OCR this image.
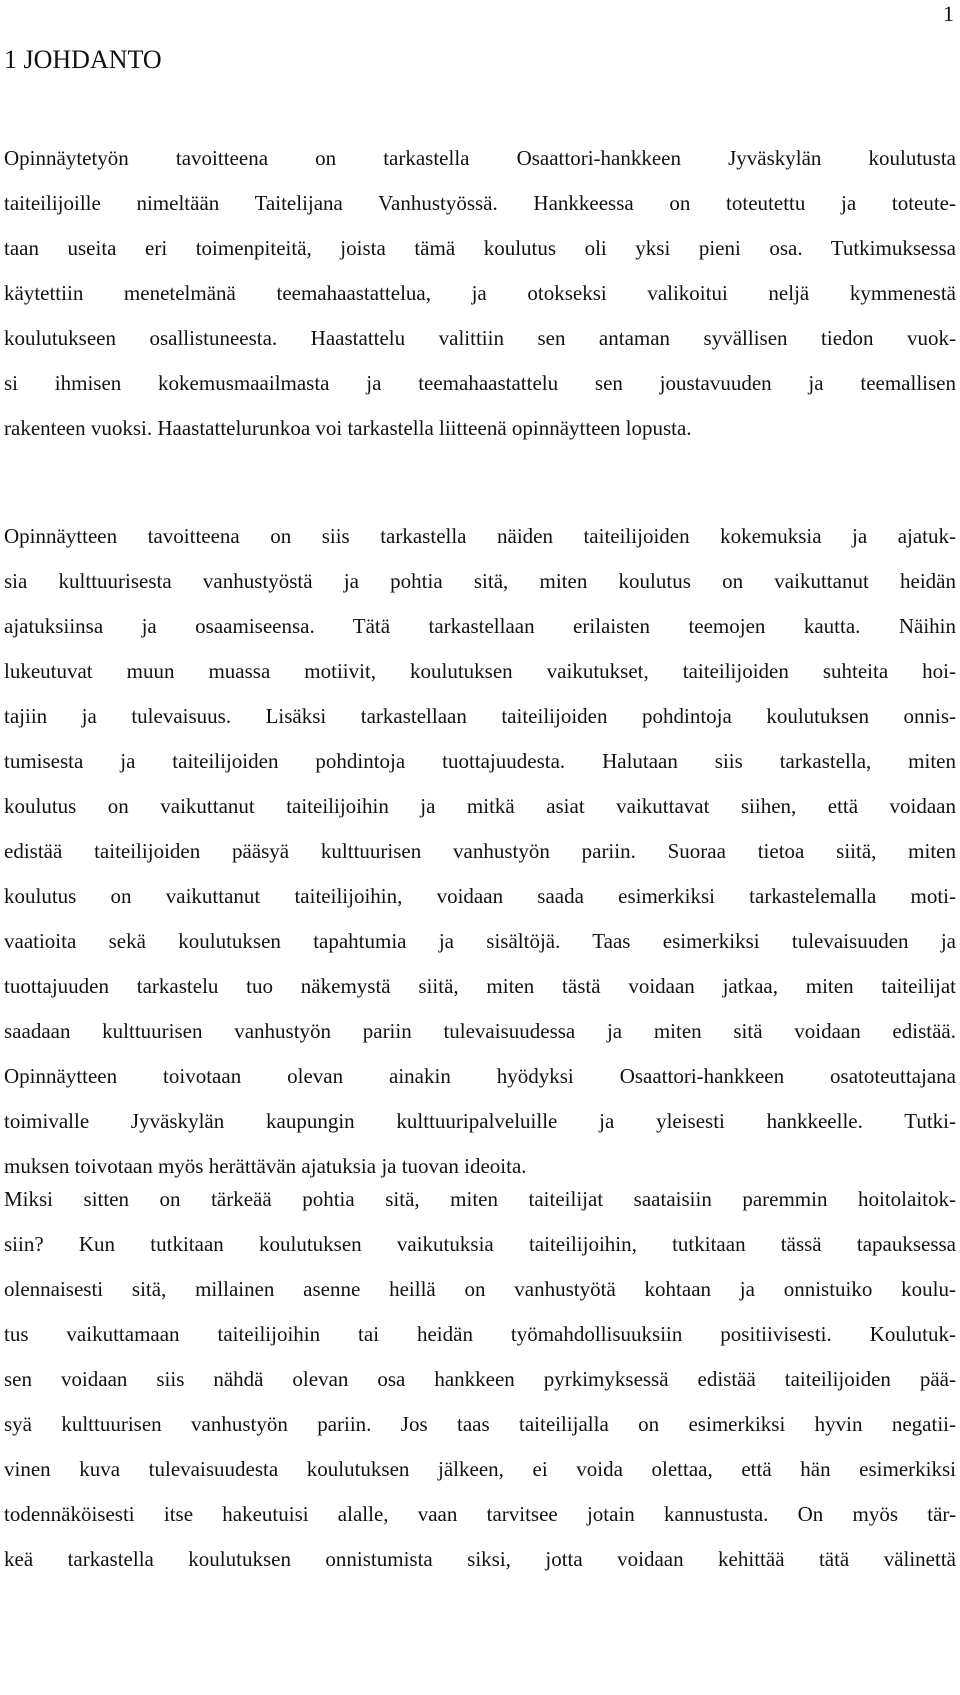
1
1 JOHDANTO
Opinnäytetyön tavoitteena on tarkastella Osaattori-hankkeen Jyväskylän koulutusta
taiteilijoille nimeltään Taitelijana Vanhustyössä. Hankkeessa on toteutettu ja toteute-
taan useita eri toimenpiteitä, joista tämä koulutus oli yksi pieni osa. Tutkimuksessa
käytettiin menetelmänä teemahaastattelua, ja otokseksi valikoitui neljä kymmenestä
koulutukseen osallistuneesta. Haastattelu valittiin sen antaman syvällisen tiedon vuok-
si ihmisen kokemusmaailmasta ja teemahaastattelu sen joustavuuden ja teemallisen
rakenteen vuoksi. Haastattelurunkoa voi tarkastella liitteenä opinnäytteen lopusta.
Opinnäytteen tavoitteena on siis tarkastella näiden taiteilijoiden kokemuksia ja ajatuk-
sia kulttuurisesta vanhustyöstä ja pohtia sitä, miten koulutus on vaikuttanut heidän
ajatuksiinsa ja osaamiseensa. Tätä tarkastellaan erilaisten teemojen kautta. Näihin
lukeutuvat muun muassa motiivit, koulutuksen vaikutukset, taiteilijoiden suhteita hoi-
tajiin ja tulevaisuus. Lisäksi tarkastellaan taiteilijoiden pohdintoja koulutuksen onnis-
tumisesta ja taiteilijoiden pohdintoja tuottajuudesta. Halutaan siis tarkastella, miten
koulutus on vaikuttanut taiteilijoihin ja mitkä asiat vaikuttavat siihen, että voidaan
edistää taiteilijoiden pääsyä kulttuurisen vanhustyön pariin. Suoraa tietoa siitä, miten
koulutus on vaikuttanut taiteilijoihin, voidaan saada esimerkiksi tarkastelemalla moti-
vaatioita sekä koulutuksen tapahtumia ja sisältöjä. Taas esimerkiksi tulevaisuuden ja
tuottajuuden tarkastelu tuo näkemystä siitä, miten tästä voidaan jatkaa, miten taiteilijat
saadaan kulttuurisen vanhustyön pariin tulevaisuudessa ja miten sitä voidaan edistää.
Opinnäytteen toivotaan olevan ainakin hyödyksi Osaattori-hankkeen osatoteuttajana
toimivalle Jyväskylän kaupungin kulttuuripalveluille ja yleisesti hankkeelle. Tutki-
muksen toivotaan myös herättävän ajatuksia ja tuovan ideoita.
Miksi sitten on tärkeää pohtia sitä, miten taiteilijat saataisiin paremmin hoitolaitok-
siin? Kun tutkitaan koulutuksen vaikutuksia taiteilijoihin, tutkitaan tässä tapauksessa
olennaisesti sitä, millainen asenne heillä on vanhustyötä kohtaan ja onnistuiko koulu-
tus vaikuttamaan taiteilijoihin tai heidän työmahdollisuuksiin positiivisesti. Koulutuk-
sen voidaan siis nähdä olevan osa hankkeen pyrkimyksessä edistää taiteilijoiden pää-
syä kulttuurisen vanhustyön pariin. Jos taas taiteilijalla on esimerkiksi hyvin negatii-
vinen kuva tulevaisuudesta koulutuksen jälkeen, ei voida olettaa, että hän esimerkiksi
todennäköisesti itse hakeutuisi alalle, vaan tarvitsee jotain kannustusta. On myös tär-
keä tarkastella koulutuksen onnistumista siksi, jotta voidaan kehittää tätä välinettä
